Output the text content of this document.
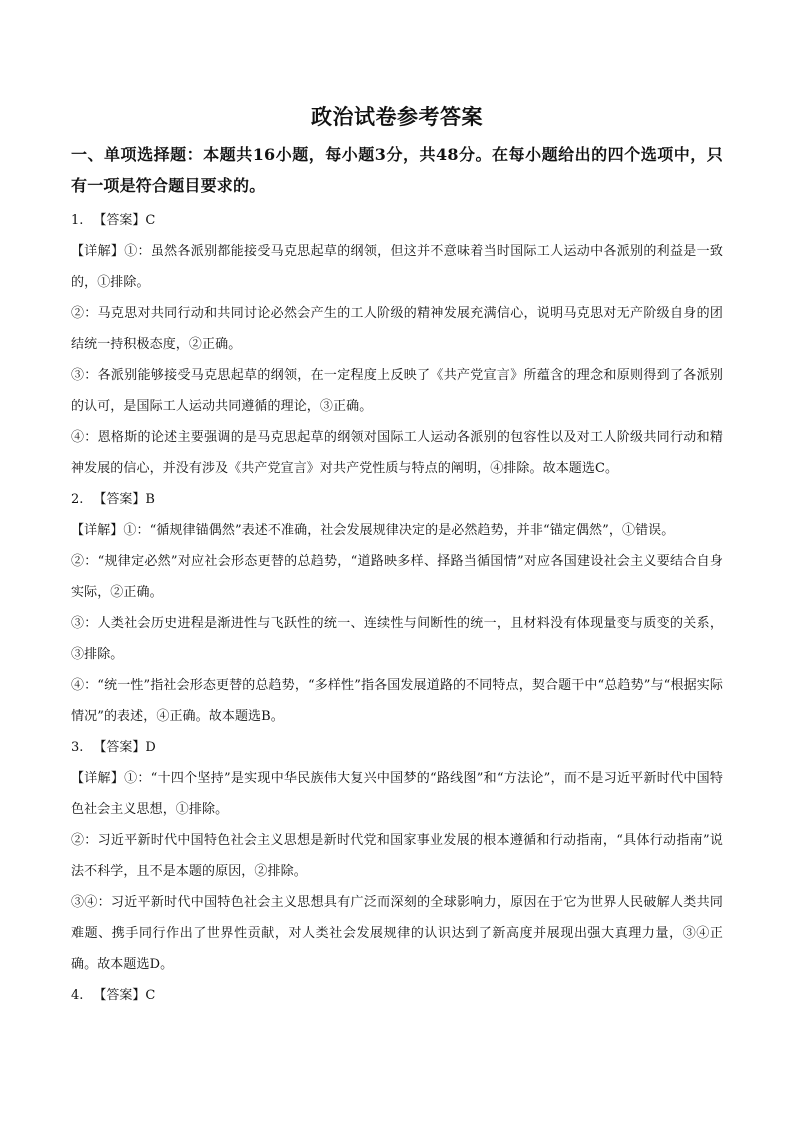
政治试卷参考答案
一、单项选择题：本题共16小题，每小题3分，共48分。在每小题给出的四个选项中，只有一项是符合题目要求的。
1. 【答案】C

【详解】①：虽然各派别都能接受马克思起草的纲领，但这并不意味着当时国际工人运动中各派别的利益是一致的，①排除。

②：马克思对共同行动和共同讨论必然会产生的工人阶级的精神发展充满信心，说明马克思对无产阶级自身的团结统一持积极态度，②正确。

③：各派别能够接受马克思起草的纲领，在一定程度上反映了《共产党宣言》所蕴含的理念和原则得到了各派别的认可，是国际工人运动共同遵循的理论，③正确。

④：恩格斯的论述主要强调的是马克思起草的纲领对国际工人运动各派别的包容性以及对工人阶级共同行动和精神发展的信心，并没有涉及《共产党宣言》对共产党性质与特点的阐明，④排除。故本题选C。

2. 【答案】B

【详解】①：“循规律锚偶然”表述不准确，社会发展规律决定的是必然趋势，并非“锚定偶然”，①错误。

②：“规律定必然”对应社会形态更替的总趋势，“道路映多样、择路当循国情”对应各国建设社会主义要结合自身实际，②正确。

③：人类社会历史进程是渐进性与飞跃性的统一、连续性与间断性的统一，且材料没有体现量变与质变的关系，③排除。

④：“统一性”指社会形态更替的总趋势，“多样性”指各国发展道路的不同特点，契合题干中“总趋势”与“根据实际情况”的表述，④正确。故本题选B。

3. 【答案】D

【详解】①：“十四个坚持”是实现中华民族伟大复兴中国梦的“路线图”和“方法论”，而不是习近平新时代中国特色社会主义思想，①排除。

②：习近平新时代中国特色社会主义思想是新时代党和国家事业发展的根本遵循和行动指南，“具体行动指南”说法不科学，且不是本题的原因，②排除。

③④：习近平新时代中国特色社会主义思想具有广泛而深刻的全球影响力，原因在于它为世界人民破解人类共同难题、携手同行作出了世界性贡献，对人类社会发展规律的认识达到了新高度并展现出强大真理力量，③④正确。故本题选D。

4. 【答案】C
